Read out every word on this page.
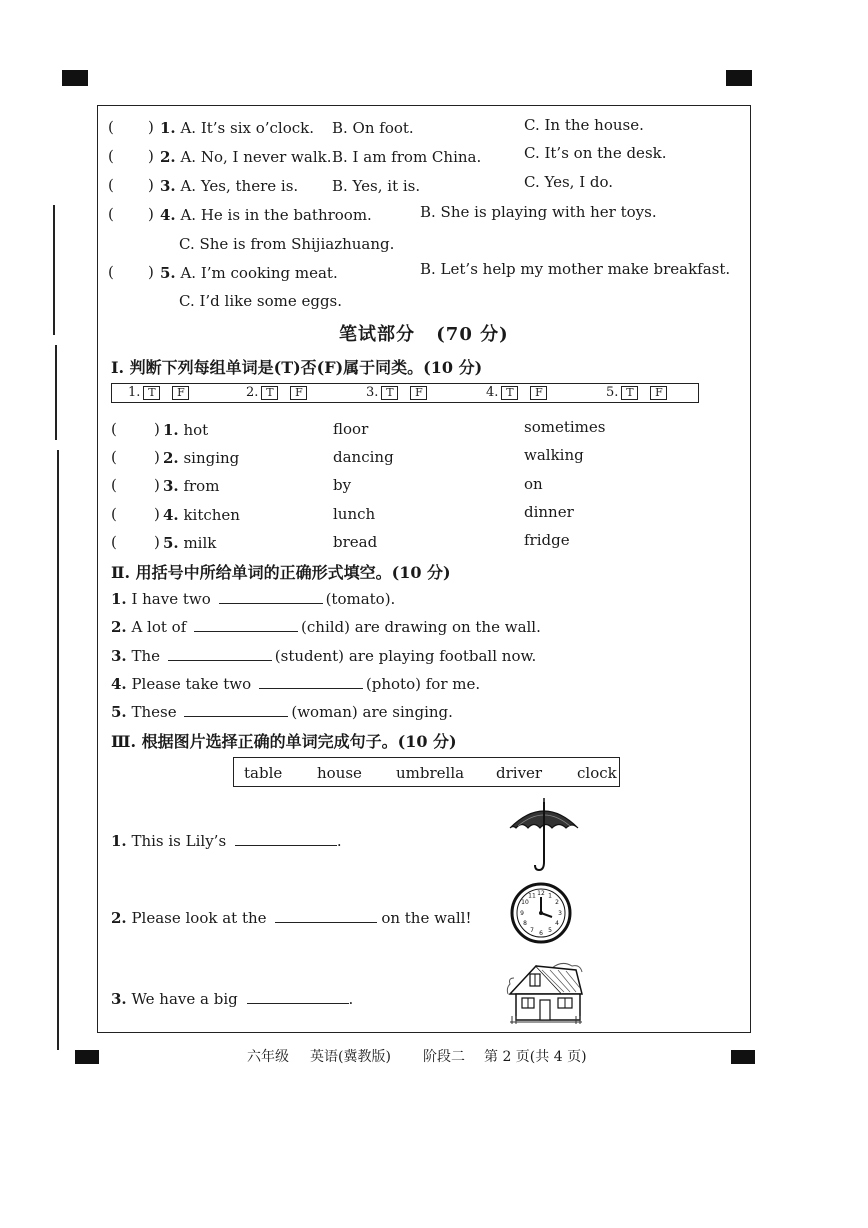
( ) 1. A. It’s six o’clock. B. On foot.	C. In the house.
( ) 2. A. No, I never walk. B. I am from China.	C. It’s on the desk.
( ) 3. A. Yes, there is. B. Yes, it is.	C. Yes, I do.
( ) 4. A. He is in the bathroom.	B. She is playing with her toys.
C. She is from Shijiazhuang.
( ) 5. A. I’m cooking meat.	B. Let’s help my mother make breakfast.
C. I’d like some eggs.
笔试部分 (70 分)
Ⅰ. 判断下列每组单词是(T)否(F)属于同类。(10 分)
1. T F	2. T F	3. T F	4. T F	5. T F
( ) 1. hot	floor	sometimes
( ) 2. singing	dancing	walking
( ) 3. from	by	on
( ) 4. kitchen	lunch	dinner
( ) 5. milk	bread	fridge
Ⅱ. 用括号中所给单词的正确形式填空。(10 分)
1. I have two	(tomato).
2. A lot of	(child) are drawing on the wall.
3. The	(student) are playing football now.
4. Please take two	(photo) for me.
5. These	(woman) are singing.
Ⅲ. 根据图片选择正确的单词完成句子。(10 分)
table house umbrella driver clock
1. This is Lily’s	.
2. Please look at the	on the wall!
3. We have a big	.
12 1
2
3
4
5
6
7
8
9
10
11
六年级 英语(冀教版) 阶段二 第 2 页(共 4 页)
